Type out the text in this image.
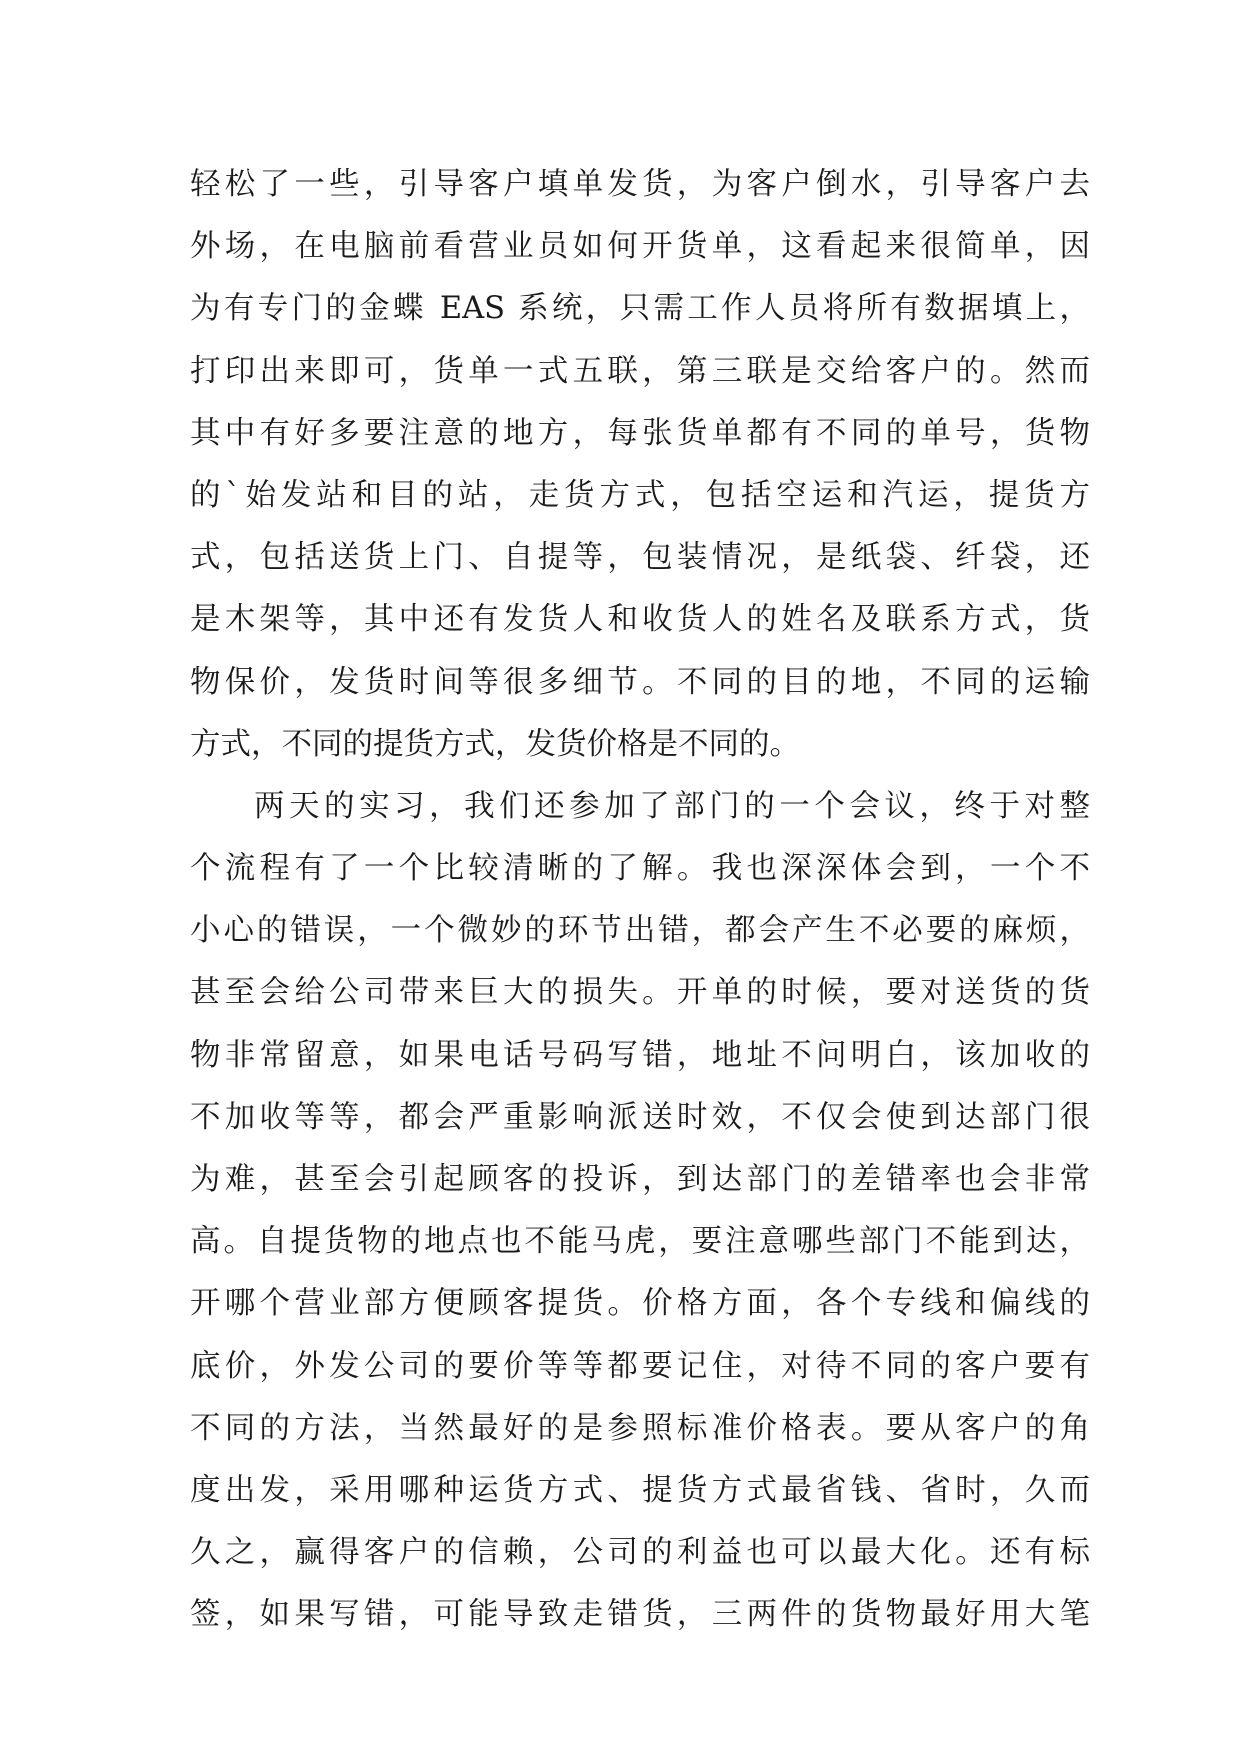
轻松了一些，引导客户填单发货，为客户倒水，引导客户去
外场，在电脑前看营业员如何开货单，这看起来很简单，因
为有专门的金蝶 EAS 系统，只需工作人员将所有数据填上，
打印出来即可，货单一式五联，第三联是交给客户的。然而
其中有好多要注意的地方，每张货单都有不同的单号，货物
的`始发站和目的站，走货方式，包括空运和汽运，提货方
式，包括送货上门、自提等，包装情况，是纸袋、纤袋，还
是木架等，其中还有发货人和收货人的姓名及联系方式，货
物保价，发货时间等很多细节。不同的目的地，不同的运输
方式，不同的提货方式，发货价格是不同的。
两天的实习，我们还参加了部门的一个会议，终于对整
个流程有了一个比较清晰的了解。我也深深体会到，一个不
小心的错误，一个微妙的环节出错，都会产生不必要的麻烦，
甚至会给公司带来巨大的损失。开单的时候，要对送货的货
物非常留意，如果电话号码写错，地址不问明白，该加收的
不加收等等，都会严重影响派送时效，不仅会使到达部门很
为难，甚至会引起顾客的投诉，到达部门的差错率也会非常
高。自提货物的地点也不能马虎，要注意哪些部门不能到达，
开哪个营业部方便顾客提货。价格方面，各个专线和偏线的
底价，外发公司的要价等等都要记住，对待不同的客户要有
不同的方法，当然最好的是参照标准价格表。要从客户的角
度出发，采用哪种运货方式、提货方式最省钱、省时，久而
久之，赢得客户的信赖，公司的利益也可以最大化。还有标
签，如果写错，可能导致走错货，三两件的货物最好用大笔
